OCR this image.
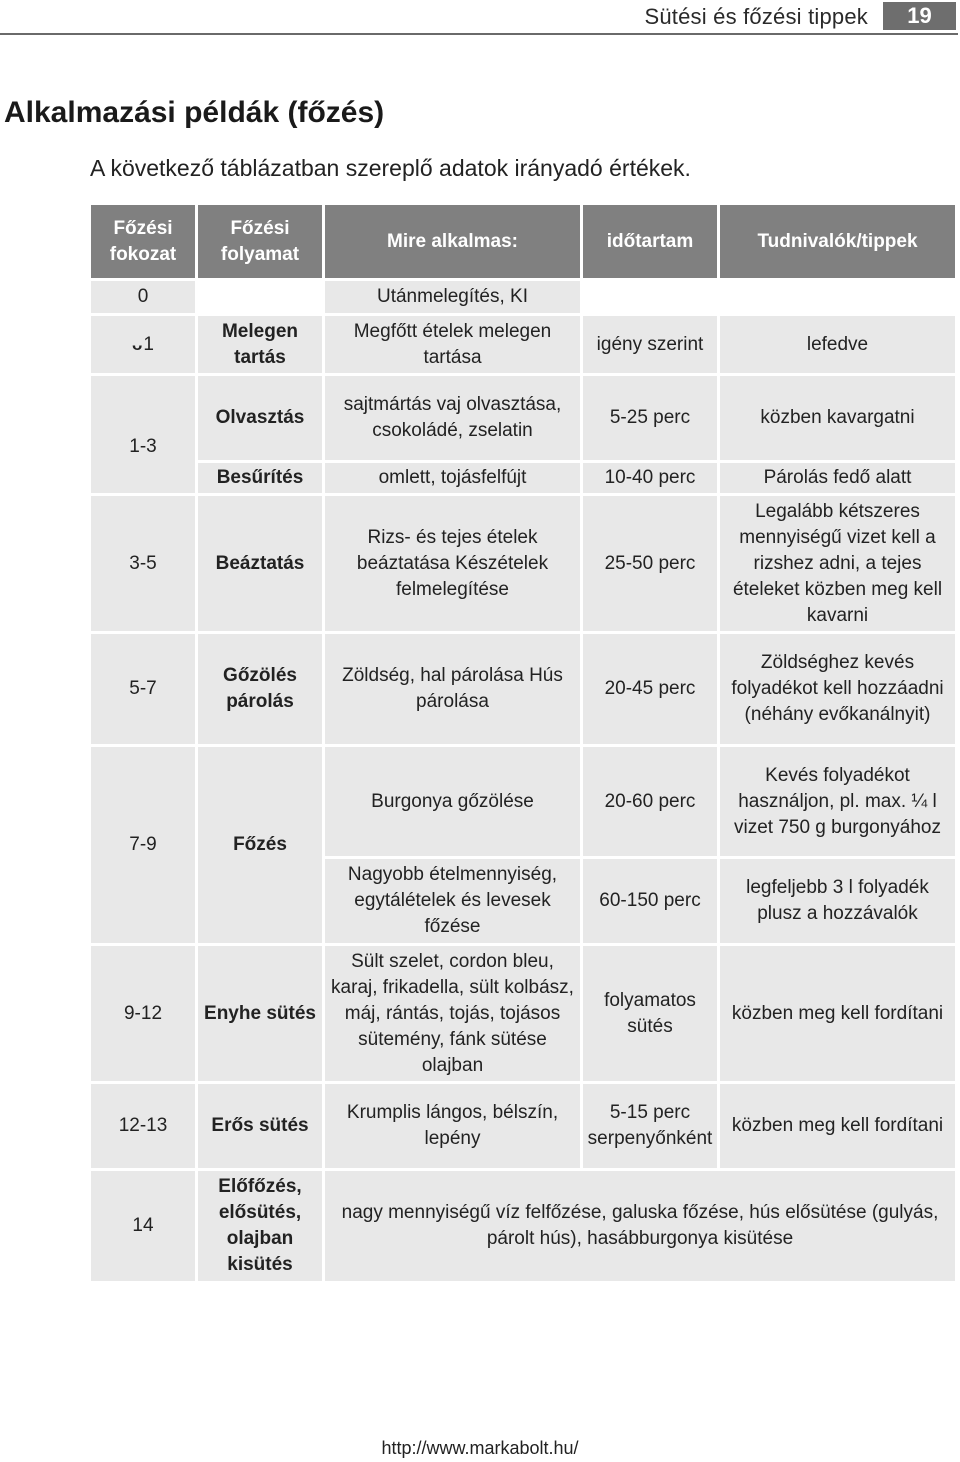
Sütési és főzési tippek	19
Alkalmazási példák (főzés)
A következő táblázatban szereplő adatok irányadó értékek.
Főzési fokozat	Főzési folyamat	Mire alkalmas:	időtartam	Tudnivalók/tippek
0		Utánmelegítés, KI		
ᴗ1	Melegen tartás	Megfőtt ételek melegen tartása	igény szerint	lefedve
1-3	Olvasztás	sajtmártás vaj olvasztása, csokoládé, zselatin	5-25 perc	közben kavargatni
	Besűrítés	omlett, tojásfelfújt	10-40 perc	Párolás fedő alatt
3-5	Beáztatás	Rizs- és tejes ételek beáztatása Készételek felmelegítése	25-50 perc	Legalább kétszeres mennyiségű vizet kell a rizshez adni, a tejes ételeket közben meg kell kavarni
5-7	Gőzölés párolás	Zöldség, hal párolása Hús párolása	20-45 perc	Zöldséghez kevés folyadékot kell hozzáadni (néhány evőkanálnyit)
7-9	Főzés	Burgonya gőzölése	20-60 perc	Kevés folyadékot használjon, pl. max. ¼ l vizet 750 g burgonyához
		Nagyobb ételmennyiség, egytálételek és levesek főzése	60-150 perc	legfeljebb 3 l folyadék plusz a hozzávalók
9-12	Enyhe sütés	Sült szelet, cordon bleu, karaj, frikadella, sült kolbász, máj, rántás, tojás, tojásos sütemény, fánk sütése olajban	folyamatos sütés	közben meg kell fordítani
12-13	Erős sütés	Krumplis lángos, bélszín, lepény	5-15 perc serpenyőnként	közben meg kell fordítani
14	Előfőzés, elősütés, olajban kisütés	nagy mennyiségű víz felfőzése, galuska főzése, hús elősütése (gulyás, párolt hús), hasábburgonya kisütése		
http://www.markabolt.hu/
